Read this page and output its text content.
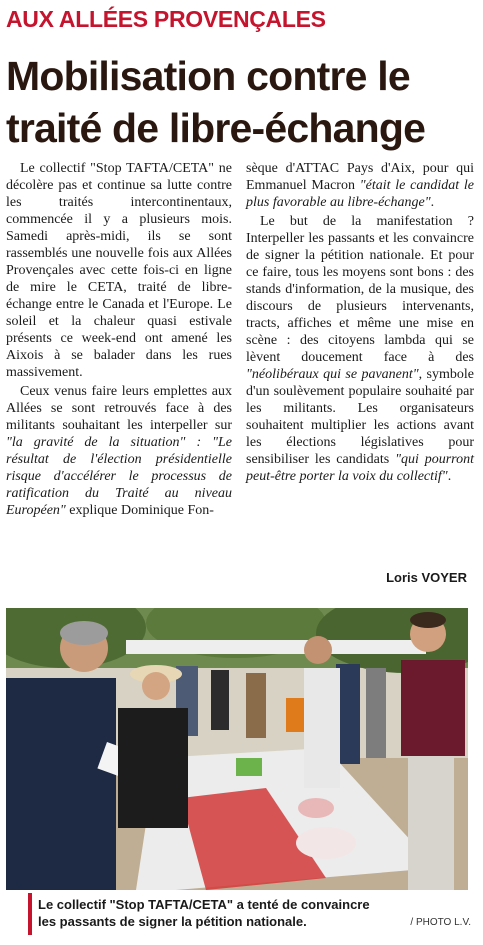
AUX ALLÉES PROVENÇALES
Mobilisation contre le traité de libre-échange

Le collectif "Stop TAFTA/CETA" ne décolère pas et continue sa lutte contre les traités intercontinentaux, commencée il y a plusieurs mois. Samedi après-midi, ils se sont rassemblés une nouvelle fois aux Allées Provençales avec cette fois-ci en ligne de mire le CETA, traité de libre-échange entre le Canada et l'Europe. Le soleil et la chaleur quasi estivale présents ce week-end ont amené les Aixois à se balader dans les rues massivement.

Ceux venus faire leurs emplettes aux Allées se sont retrouvés face à des militants souhaitant les interpeller sur "la gravité de la situation" : "Le résultat de l'élection présidentielle risque d'accélérer le processus de ratification du Traité au niveau Européen" explique Dominique Fon-

sèque d'ATTAC Pays d'Aix, pour qui Emmanuel Macron "était le candidat le plus favorable au libre-échange".

Le but de la manifestation ? Interpeller les passants et les convaincre de signer la pétition nationale. Et pour ce faire, tous les moyens sont bons : des stands d'information, de la musique, des discours de plusieurs intervenants, tracts, affiches et même une mise en scène : des citoyens lambda qui se lèvent doucement face à des "néolibéraux qui se pavanent", symbole d'un soulèvement populaire souhaité par les militants. Les organisateurs souhaitent multiplier les actions avant les élections législatives pour sensibiliser les candidats "qui pourront peut-être porter la voix du collectif".

Loris VOYER
Le collectif "Stop TAFTA/CETA" a tenté de convaincre les passants de signer la pétition nationale.	/ PHOTO L.V.
